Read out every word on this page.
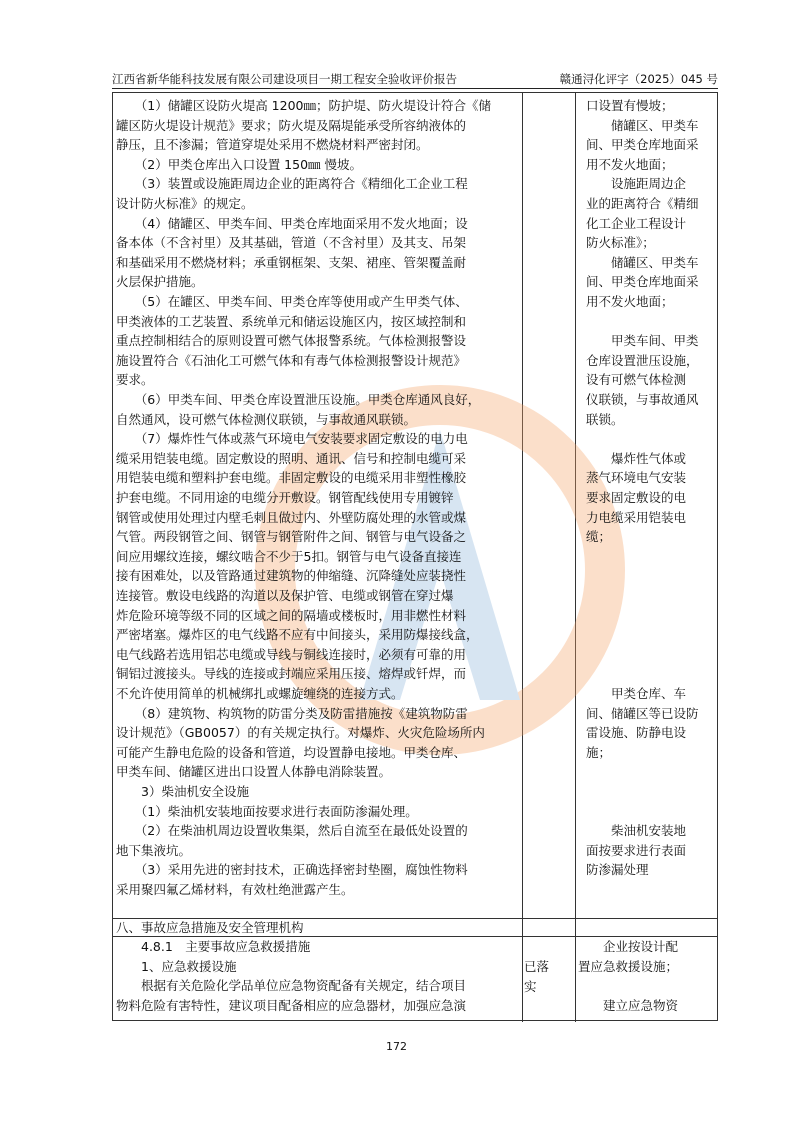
江西省新华能科技发展有限公司建设项目一期工程安全验收评价报告	赣通浔化评字（2025）045 号
八、事故应急措施及安全管理机构
　　4.8.1　主要事故应急救援措施
　　1、应急救援设施
　　根据有关危险化学品单位应急物资配备有关规定，结合项目
物料危险有害特性，建议项目配备相应的应急器材，加强应急演
已落
实
　　企业按设计配
置应急救援设施；

　　建立应急物资
172
　　（1）储罐区设防火堤高 1200㎜；防护堤、防火堤设计符合《储
罐区防火堤设计规范》要求；防火堤及隔堤能承受所容纳液体的
静压，且不渗漏；管道穿堤处采用不燃烧材料严密封闭。
　　（2）甲类仓库出入口设置 150㎜ 慢坡。
　　（3）装置或设施距周边企业的距离符合《精细化工企业工程
设计防火标准》的规定。
　　（4）储罐区、甲类车间、甲类仓库地面采用不发火地面；设
备本体（不含衬里）及其基础，管道（不含衬里）及其支、吊架
和基础采用不燃烧材料；承重钢框架、支架、裙座、管架覆盖耐
火层保护措施。
　　（5）在罐区、甲类车间、甲类仓库等使用或产生甲类气体、
甲类液体的工艺装置、系统单元和储运设施区内，按区域控制和
重点控制相结合的原则设置可燃气体报警系统。气体检测报警设
施设置符合《石油化工可燃气体和有毒气体检测报警设计规范》
要求。
　　（6）甲类车间、甲类仓库设置泄压设施。甲类仓库通风良好，
自然通风，设可燃气体检测仪联锁，与事故通风联锁。
　　（7）爆炸性气体或蒸气环境电气安装要求固定敷设的电力电
缆采用铠装电缆。固定敷设的照明、通讯、信号和控制电缆可采
用铠装电缆和塑料护套电缆。非固定敷设的电缆采用非塑性橡胶
护套电缆。不同用途的电缆分开敷设。钢管配线使用专用镀锌
钢管或使用处理过内壁毛刺且做过内、外壁防腐处理的水管或煤
气管。两段钢管之间、钢管与钢管附件之间、钢管与电气设备之
间应用螺纹连接，螺纹啮合不少于5扣。钢管与电气设备直接连
接有困难处，以及管路通过建筑物的伸缩缝、沉降缝处应装挠性
连接管。敷设电线路的沟道以及保护管、电缆或钢管在穿过爆
炸危险环境等级不同的区域之间的隔墙或楼板时，用非燃性材料
严密堵塞。爆炸区的电气线路不应有中间接头，采用防爆接线盒，
电气线路若选用铝芯电缆或导线与铜线连接时，必须有可靠的用
铜铝过渡接头。导线的连接或封端应采用压接、熔焊或钎焊，而
不允许使用简单的机械绑扎或螺旋缠绕的连接方式。
　　（8）建筑物、构筑物的防雷分类及防雷措施按《建筑物防雷
设计规范》（GB0057）的有关规定执行。对爆炸、火灾危险场所内
可能产生静电危险的设备和管道，均设置静电接地。甲类仓库、
甲类车间、储罐区进出口设置人体静电消除装置。
　　3）柴油机安全设施
　　（1）柴油机安装地面按要求进行表面防渗漏处理。
　　（2）在柴油机周边设置收集渠，然后自流至在最低处设置的
地下集液坑。
　　（3）采用先进的密封技术，正确选择密封垫圈，腐蚀性物料
采用聚四氟乙烯材料，有效杜绝泄露产生。
口设置有慢坡；
　　储罐区、甲类车
间、甲类仓库地面采
用不发火地面；
　　设施距周边企
业的距离符合《精细
化工企业工程设计
防火标准》；
　　储罐区、甲类车
间、甲类仓库地面采
用不发火地面；
　　甲类车间、甲类
仓库设置泄压设施，
设有可燃气体检测
仪联锁，与事故通风
联锁。
　　爆炸性气体或
蒸气环境电气安装
要求固定敷设的电
力电缆采用铠装电
缆；
　　甲类仓库、车
间、储罐区等已设防
雷设施、防静电设
施；
　　柴油机安装地
面按要求进行表面
防渗漏处理
